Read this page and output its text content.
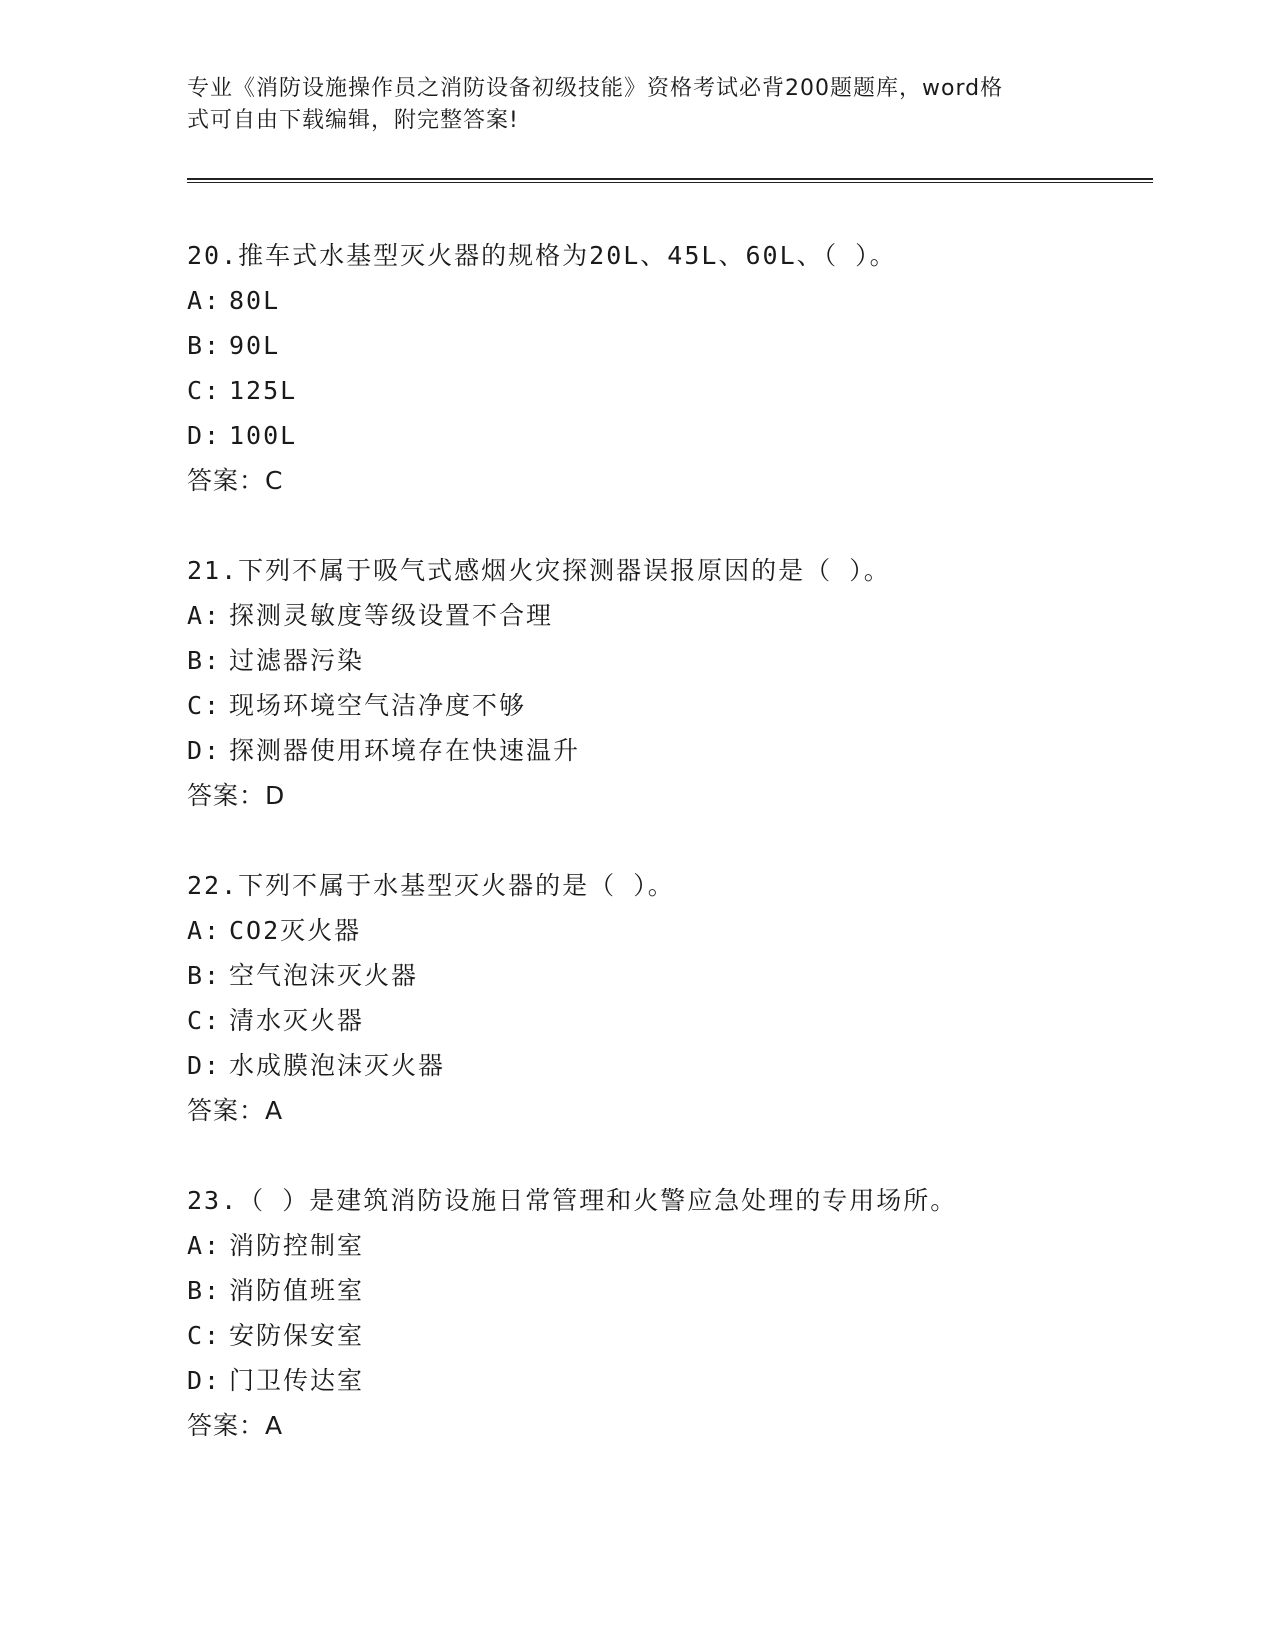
专业《消防设施操作员之消防设备初级技能》资格考试必背200题题库，word格
式可自由下载编辑，附完整答案!
20.推车式水基型灭火器的规格为20L、45L、60L、（ ）。
A: 80L
B: 90L
C: 125L
D: 100L
答案：C
21.下列不属于吸气式感烟火灾探测器误报原因的是（ ）。
A: 探测灵敏度等级设置不合理
B: 过滤器污染
C: 现场环境空气洁净度不够
D: 探测器使用环境存在快速温升
答案：D
22.下列不属于水基型灭火器的是（ ）。
A: CO2灭火器
B: 空气泡沫灭火器
C: 清水灭火器
D: 水成膜泡沫灭火器
答案：A
23.（ ）是建筑消防设施日常管理和火警应急处理的专用场所。
A: 消防控制室
B: 消防值班室
C: 安防保安室
D: 门卫传达室
答案：A
